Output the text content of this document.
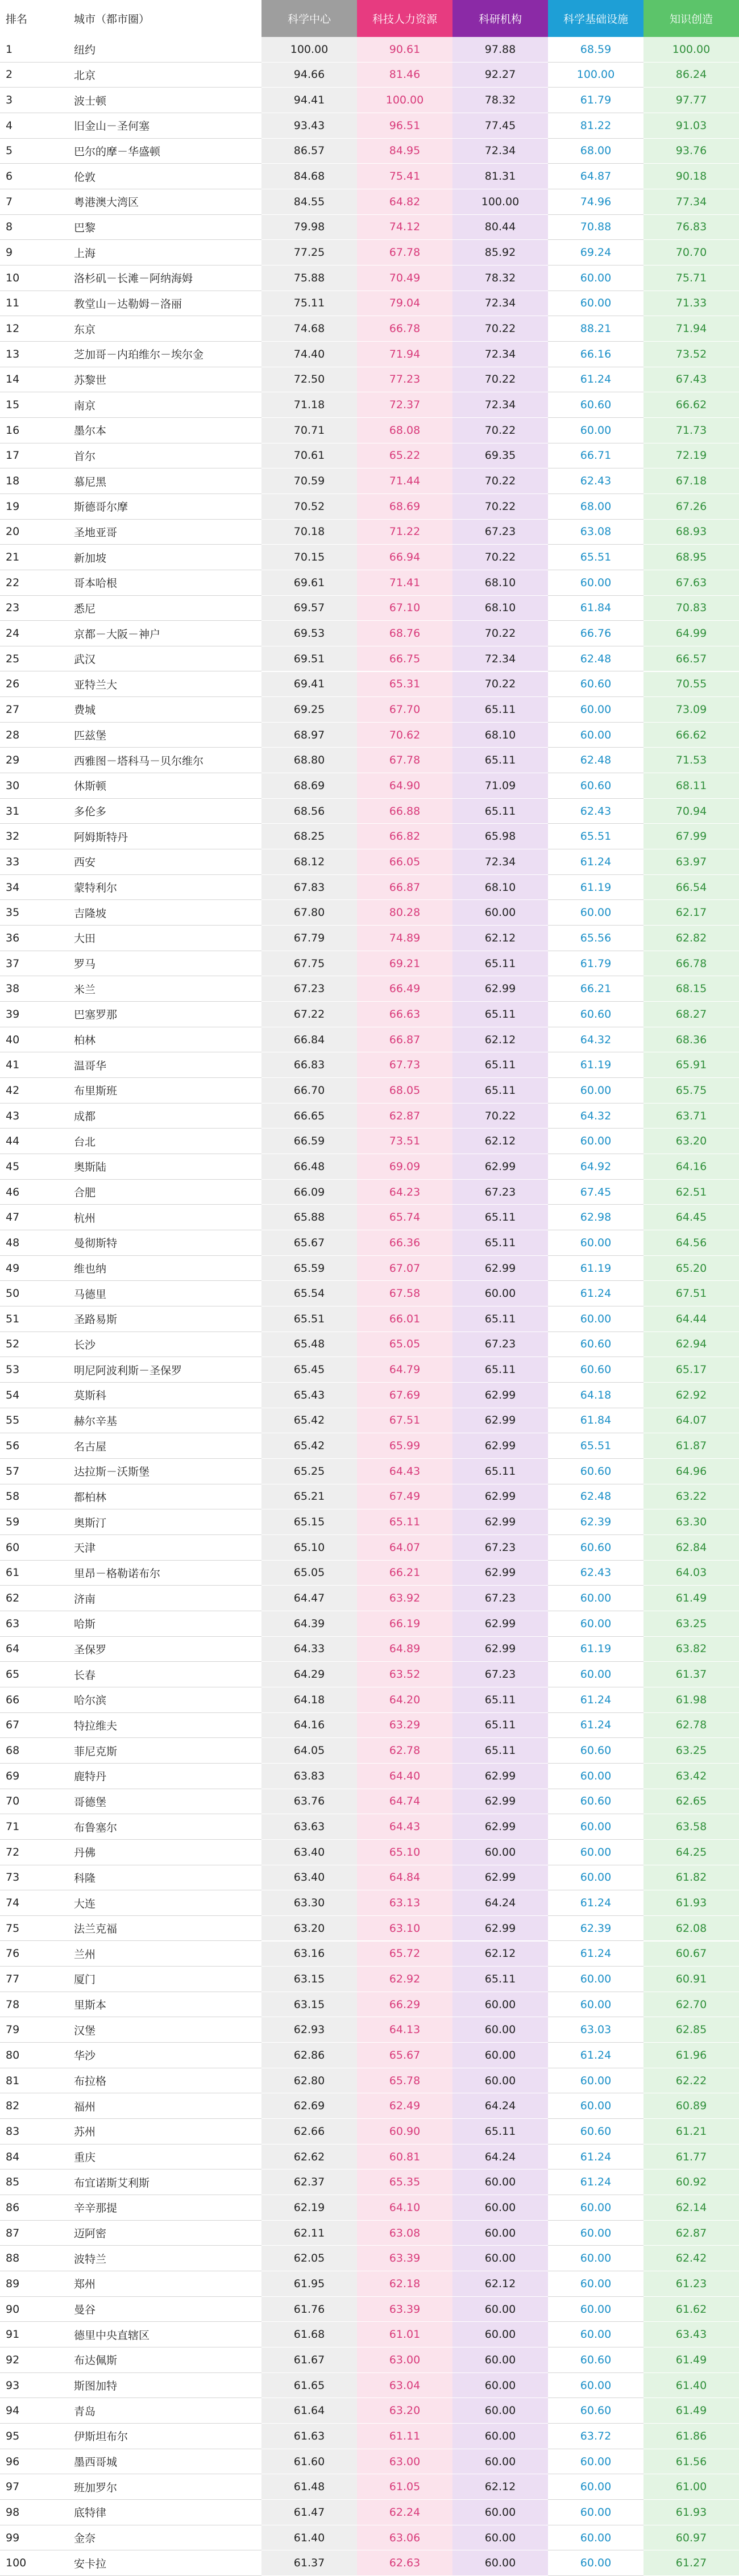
排名	城市（都市圈）	科学中心	科技人力资源	科研机构	科学基础设施	知识创造
1	纽约	100.00	90.61	97.88	68.59	100.00
2	北京	94.66	81.46	92.27	100.00	86.24
3	波士顿	94.41	100.00	78.32	61.79	97.77
4	旧金山－圣何塞	93.43	96.51	77.45	81.22	91.03
5	巴尔的摩－华盛顿	86.57	84.95	72.34	68.00	93.76
6	伦敦	84.68	75.41	81.31	64.87	90.18
7	粤港澳大湾区	84.55	64.82	100.00	74.96	77.34
8	巴黎	79.98	74.12	80.44	70.88	76.83
9	上海	77.25	67.78	85.92	69.24	70.70
10	洛杉矶－长滩－阿纳海姆	75.88	70.49	78.32	60.00	75.71
11	教堂山－达勒姆－洛丽	75.11	79.04	72.34	60.00	71.33
12	东京	74.68	66.78	70.22	88.21	71.94
13	芝加哥－内珀维尔－埃尔金	74.40	71.94	72.34	66.16	73.52
14	苏黎世	72.50	77.23	70.22	61.24	67.43
15	南京	71.18	72.37	72.34	60.60	66.62
16	墨尔本	70.71	68.08	70.22	60.00	71.73
17	首尔	70.61	65.22	69.35	66.71	72.19
18	慕尼黑	70.59	71.44	70.22	62.43	67.18
19	斯德哥尔摩	70.52	68.69	70.22	68.00	67.26
20	圣地亚哥	70.18	71.22	67.23	63.08	68.93
21	新加坡	70.15	66.94	70.22	65.51	68.95
22	哥本哈根	69.61	71.41	68.10	60.00	67.63
23	悉尼	69.57	67.10	68.10	61.84	70.83
24	京都－大阪－神户	69.53	68.76	70.22	66.76	64.99
25	武汉	69.51	66.75	72.34	62.48	66.57
26	亚特兰大	69.41	65.31	70.22	60.60	70.55
27	费城	69.25	67.70	65.11	60.00	73.09
28	匹兹堡	68.97	70.62	68.10	60.00	66.62
29	西雅图－塔科马－贝尔维尔	68.80	67.78	65.11	62.48	71.53
30	休斯顿	68.69	64.90	71.09	60.60	68.11
31	多伦多	68.56	66.88	65.11	62.43	70.94
32	阿姆斯特丹	68.25	66.82	65.98	65.51	67.99
33	西安	68.12	66.05	72.34	61.24	63.97
34	蒙特利尔	67.83	66.87	68.10	61.19	66.54
35	吉隆坡	67.80	80.28	60.00	60.00	62.17
36	大田	67.79	74.89	62.12	65.56	62.82
37	罗马	67.75	69.21	65.11	61.79	66.78
38	米兰	67.23	66.49	62.99	66.21	68.15
39	巴塞罗那	67.22	66.63	65.11	60.60	68.27
40	柏林	66.84	66.87	62.12	64.32	68.36
41	温哥华	66.83	67.73	65.11	61.19	65.91
42	布里斯班	66.70	68.05	65.11	60.00	65.75
43	成都	66.65	62.87	70.22	64.32	63.71
44	台北	66.59	73.51	62.12	60.00	63.20
45	奥斯陆	66.48	69.09	62.99	64.92	64.16
46	合肥	66.09	64.23	67.23	67.45	62.51
47	杭州	65.88	65.74	65.11	62.98	64.45
48	曼彻斯特	65.67	66.36	65.11	60.00	64.56
49	维也纳	65.59	67.07	62.99	61.19	65.20
50	马德里	65.54	67.58	60.00	61.24	67.51
51	圣路易斯	65.51	66.01	65.11	60.00	64.44
52	长沙	65.48	65.05	67.23	60.60	62.94
53	明尼阿波利斯－圣保罗	65.45	64.79	65.11	60.60	65.17
54	莫斯科	65.43	67.69	62.99	64.18	62.92
55	赫尔辛基	65.42	67.51	62.99	61.84	64.07
56	名古屋	65.42	65.99	62.99	65.51	61.87
57	达拉斯－沃斯堡	65.25	64.43	65.11	60.60	64.96
58	都柏林	65.21	67.49	62.99	62.48	63.22
59	奥斯汀	65.15	65.11	62.99	62.39	63.30
60	天津	65.10	64.07	67.23	60.60	62.84
61	里昂－格勒诺布尔	65.05	66.21	62.99	62.43	64.03
62	济南	64.47	63.92	67.23	60.00	61.49
63	哈斯	64.39	66.19	62.99	60.00	63.25
64	圣保罗	64.33	64.89	62.99	61.19	63.82
65	长春	64.29	63.52	67.23	60.00	61.37
66	哈尔滨	64.18	64.20	65.11	61.24	61.98
67	特拉维夫	64.16	63.29	65.11	61.24	62.78
68	菲尼克斯	64.05	62.78	65.11	60.60	63.25
69	鹿特丹	63.83	64.40	62.99	60.00	63.42
70	哥德堡	63.76	64.74	62.99	60.60	62.65
71	布鲁塞尔	63.63	64.43	62.99	60.00	63.58
72	丹佛	63.40	65.10	60.00	60.00	64.25
73	科隆	63.40	64.84	62.99	60.00	61.82
74	大连	63.30	63.13	64.24	61.24	61.93
75	法兰克福	63.20	63.10	62.99	62.39	62.08
76	兰州	63.16	65.72	62.12	61.24	60.67
77	厦门	63.15	62.92	65.11	60.00	60.91
78	里斯本	63.15	66.29	60.00	60.00	62.70
79	汉堡	62.93	64.13	60.00	63.03	62.85
80	华沙	62.86	65.67	60.00	61.24	61.96
81	布拉格	62.80	65.78	60.00	60.00	62.22
82	福州	62.69	62.49	64.24	60.00	60.89
83	苏州	62.66	60.90	65.11	60.60	61.21
84	重庆	62.62	60.81	64.24	61.24	61.77
85	布宜诺斯艾利斯	62.37	65.35	60.00	61.24	60.92
86	辛辛那提	62.19	64.10	60.00	60.00	62.14
87	迈阿密	62.11	63.08	60.00	60.00	62.87
88	波特兰	62.05	63.39	60.00	60.00	62.42
89	郑州	61.95	62.18	62.12	60.00	61.23
90	曼谷	61.76	63.39	60.00	60.00	61.62
91	德里中央直辖区	61.68	61.01	60.00	60.00	63.43
92	布达佩斯	61.67	63.00	60.00	60.60	61.49
93	斯图加特	61.65	63.04	60.00	60.00	61.40
94	青岛	61.64	63.20	60.00	60.60	61.49
95	伊斯坦布尔	61.63	61.11	60.00	63.72	61.86
96	墨西哥城	61.60	63.00	60.00	60.00	61.56
97	班加罗尔	61.48	61.05	62.12	60.00	61.00
98	底特律	61.47	62.24	60.00	60.00	61.93
99	金奈	61.40	63.06	60.00	60.00	60.97
100	安卡拉	61.37	62.63	60.00	60.00	61.27
